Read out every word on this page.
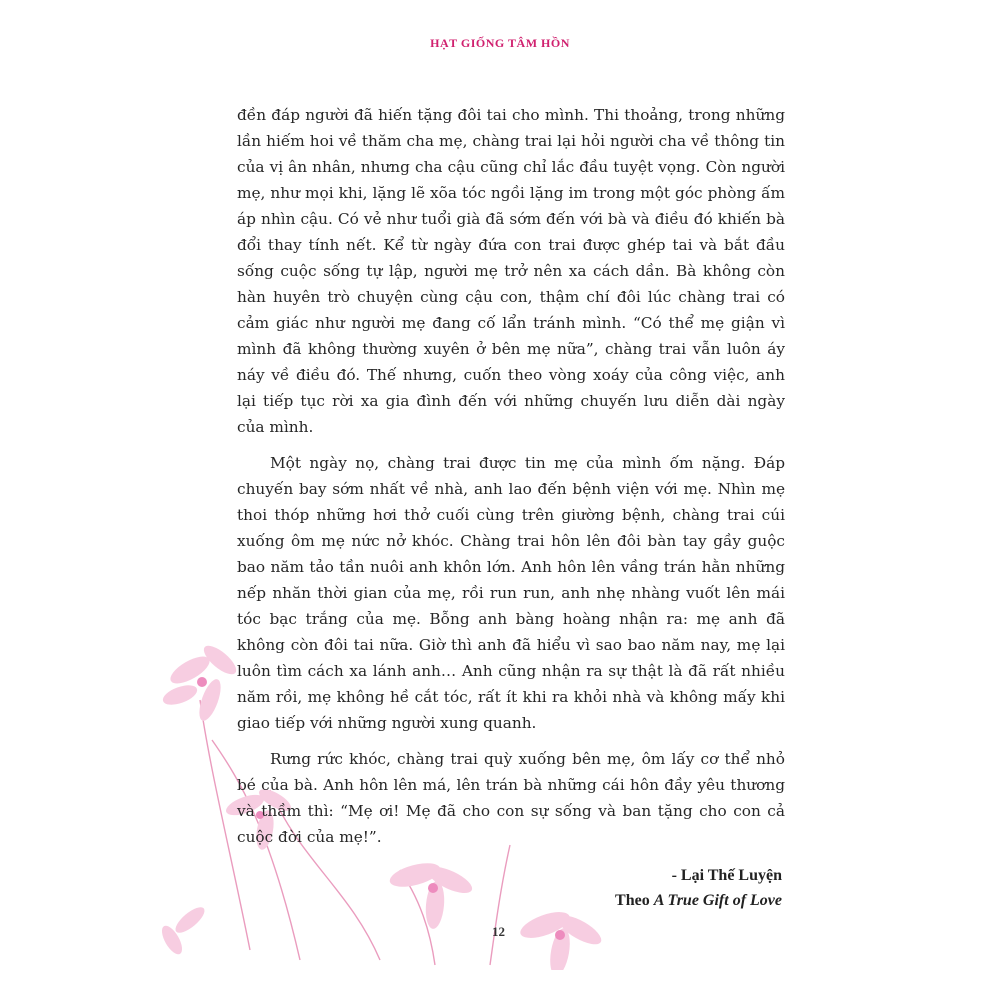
HẠT GIỐNG TÂM HỒN

đền đáp người đã hiến tặng đôi tai cho mình. Thi thoảng, trong những lần hiếm hoi về thăm cha mẹ, chàng trai lại hỏi người cha về thông tin của vị ân nhân, nhưng cha cậu cũng chỉ lắc đầu tuyệt vọng. Còn người mẹ, như mọi khi, lặng lẽ xõa tóc ngồi lặng im trong một góc phòng ấm áp nhìn cậu. Có vẻ như tuổi già đã sớm đến với bà và điều đó khiến bà đổi thay tính nết. Kể từ ngày đứa con trai được ghép tai và bắt đầu sống cuộc sống tự lập, người mẹ trở nên xa cách dần. Bà không còn hàn huyên trò chuyện cùng cậu con, thậm chí đôi lúc chàng trai có cảm giác như người mẹ đang cố lẩn tránh mình. “Có thể mẹ giận vì mình đã không thường xuyên ở bên mẹ nữa”, chàng trai vẫn luôn áy náy về điều đó. Thế nhưng, cuốn theo vòng xoáy của công việc, anh lại tiếp tục rời xa gia đình đến với những chuyến lưu diễn dài ngày của mình.

Một ngày nọ, chàng trai được tin mẹ của mình ốm nặng. Đáp chuyến bay sớm nhất về nhà, anh lao đến bệnh viện với mẹ. Nhìn mẹ thoi thóp những hơi thở cuối cùng trên giường bệnh, chàng trai cúi xuống ôm mẹ nức nở khóc. Chàng trai hôn lên đôi bàn tay gầy guộc bao năm tảo tần nuôi anh khôn lớn. Anh hôn lên vầng trán hằn những nếp nhăn thời gian của mẹ, rồi run run, anh nhẹ nhàng vuốt lên mái tóc bạc trắng của mẹ. Bỗng anh bàng hoàng nhận ra: mẹ anh đã không còn đôi tai nữa. Giờ thì anh đã hiểu vì sao bao năm nay, mẹ lại luôn tìm cách xa lánh anh… Anh cũng nhận ra sự thật là đã rất nhiều năm rồi, mẹ không hề cắt tóc, rất ít khi ra khỏi nhà và không mấy khi giao tiếp với những người xung quanh.

Rưng rức khóc, chàng trai quỳ xuống bên mẹ, ôm lấy cơ thể nhỏ bé của bà. Anh hôn lên má, lên trán bà những cái hôn đầy yêu thương và thầm thì: “Mẹ ơi! Mẹ đã cho con sự sống và ban tặng cho con cả cuộc đời của mẹ!”.

- Lại Thế Luyện
Theo A True Gift of Love
12
